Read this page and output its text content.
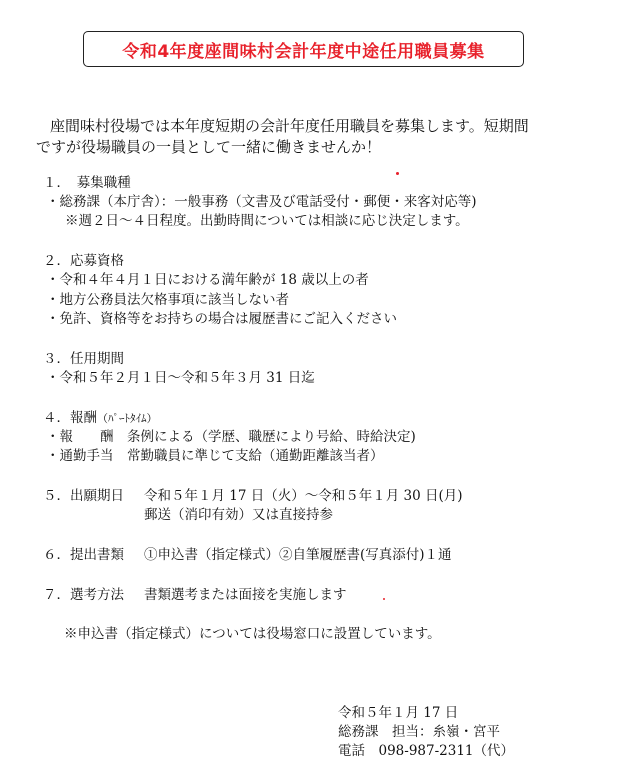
令和4年度座間味村会計年度中途任用職員募集
座間味村役場では本年度短期の会計年度任用職員を募集します。短期間
ですが役場職員の一員として一緒に働きませんか！
１．　募集職種
・総務課（本庁舎）：一般事務（文書及び電話受付・郵便・来客対応等)
※週２日～４日程度。出勤時間については相談に応じ決定します。
２．応募資格
・令和４年４月１日における満年齢が 18 歳以上の者
・地方公務員法欠格事項に該当しない者
・免許、資格等をお持ちの場合は履歴書にご記入ください
３．任用期間
・令和５年２月１日～令和５年３月 31 日迄
４．報酬（ﾊﾟｰﾄﾀｲﾑ）
・報　　酬　条例による（学歴、職歴により号給、時給決定)
・通勤手当　常勤職員に準じて支給（通勤距離該当者）
５．出願期日 令和５年１月 17 日（火）～令和５年１月 30 日(月)
郵送（消印有効）又は直接持参
６．提出書類 ①申込書（指定様式）②自筆履歴書(写真添付)１通
７．選考方法 書類選考または面接を実施します
※申込書（指定様式）については役場窓口に設置しています。
令和５年１月 17 日
総務課　担当：糸嶺・宮平
電話　098-987-2311（代）
